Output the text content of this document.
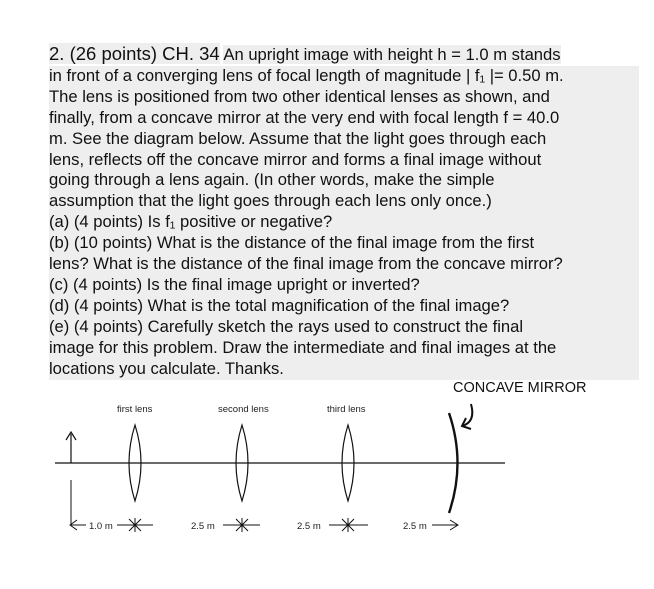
2. (26 points) CH. 34 An upright image with height h = 1.0 m stands
in front of a converging lens of focal length of magnitude | f₁ |= 0.50 m.
The lens is positioned from two other identical lenses as shown, and
finally, from a concave mirror at the very end with focal length f = 40.0
m. See the diagram below. Assume that the light goes through each
lens, reflects off the concave mirror and forms a final image without
going through a lens again. (In other words, make the simple
assumption that the light goes through each lens only once.)
(a) (4 points) Is f₁ positive or negative?
(b) (10 points) What is the distance of the final image from the first
lens? What is the distance of the final image from the concave mirror?
(c) (4 points) Is the final image upright or inverted?
(d) (4 points) What is the total magnification of the final image?
(e) (4 points) Carefully sketch the rays used to construct the final
image for this problem. Draw the intermediate and final images at the
locations you calculate. Thanks.
CONCAVE MIRROR
first lens	second lens	third lens
1.0 m	2.5 m	2.5 m	2.5 m
